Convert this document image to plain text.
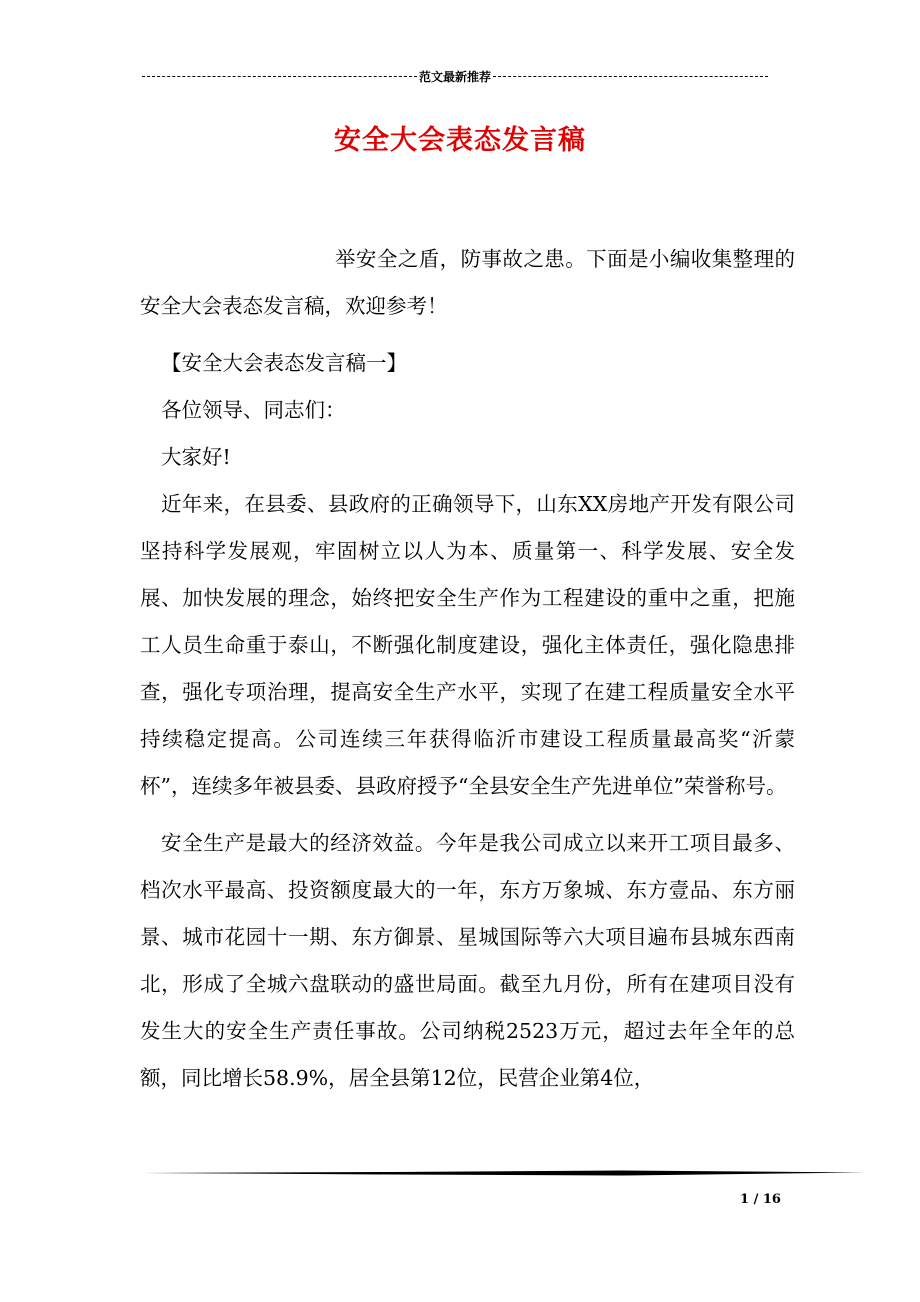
范文最新推荐
安全大会表态发言稿

举安全之盾，防事故之患。下面是小编收集整理的安全大会表态发言稿，欢迎参考！

【安全大会表态发言稿一】

各位领导、同志们：

大家好!

近年来，在县委、县政府的正确领导下，山东XX房地产开发有限公司坚持科学发展观，牢固树立以人为本、质量第一、科学发展、安全发展、加快发展的理念，始终把安全生产作为工程建设的重中之重，把施工人员生命重于泰山，不断强化制度建设，强化主体责任，强化隐患排查，强化专项治理，提高安全生产水平，实现了在建工程质量安全水平持续稳定提高。公司连续三年获得临沂市建设工程质量最高奖“沂蒙杯”，连续多年被县委、县政府授予“全县安全生产先进单位”荣誉称号。

安全生产是最大的经济效益。今年是我公司成立以来开工项目最多、档次水平最高、投资额度最大的一年，东方万象城、东方壹品、东方丽景、城市花园十一期、东方御景、星城国际等六大项目遍布县城东西南北，形成了全城六盘联动的盛世局面。截至九月份，所有在建项目没有发生大的安全生产责任事故。公司纳税2523万元，超过去年全年的总额，同比增长58.9%，居全县第12位，民营企业第4位，

1 / 16
